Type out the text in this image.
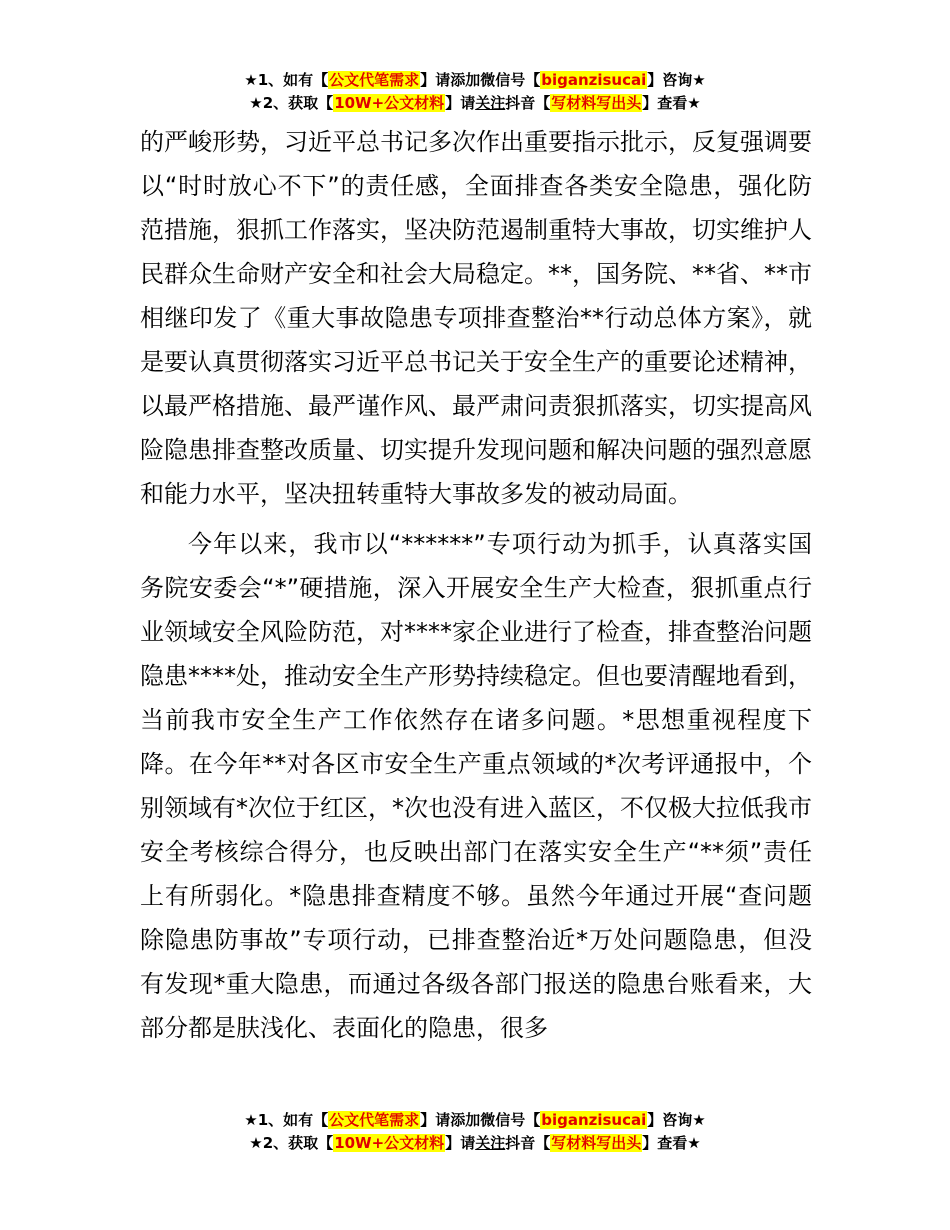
★1、如有【公文代笔需求】请添加微信号【biganzisucai】咨询★
★2、获取【10W+公文材料】请关注抖音【写材料写出头】查看★

的严峻形势，习近平总书记多次作出重要指示批示，反复强调要以“时时放心不下”的责任感，全面排查各类安全隐患，强化防范措施，狠抓工作落实，坚决防范遏制重特大事故，切实维护人民群众生命财产安全和社会大局稳定。**，国务院、**省、**市相继印发了《重大事故隐患专项排查整治**行动总体方案》，就是要认真贯彻落实习近平总书记关于安全生产的重要论述精神，以最严格措施、最严谨作风、最严肃问责狠抓落实，切实提高风险隐患排查整改质量、切实提升发现问题和解决问题的强烈意愿和能力水平，坚决扭转重特大事故多发的被动局面。

今年以来，我市以“******”专项行动为抓手，认真落实国务院安委会“*”硬措施，深入开展安全生产大检查，狠抓重点行业领域安全风险防范，对****家企业进行了检查，排查整治问题隐患****处，推动安全生产形势持续稳定。但也要清醒地看到，当前我市安全生产工作依然存在诸多问题。*思想重视程度下降。在今年**对各区市安全生产重点领域的*次考评通报中，个别领域有*次位于红区，*次也没有进入蓝区，不仅极大拉低我市安全考核综合得分，也反映出部门在落实安全生产“**须”责任上有所弱化。*隐患排查精度不够。虽然今年通过开展“查问题除隐患防事故”专项行动，已排查整治近*万处问题隐患，但没有发现*重大隐患，而通过各级各部门报送的隐患台账看来，大部分都是肤浅化、表面化的隐患，很多

★1、如有【公文代笔需求】请添加微信号【biganzisucai】咨询★
★2、获取【10W+公文材料】请关注抖音【写材料写出头】查看★
